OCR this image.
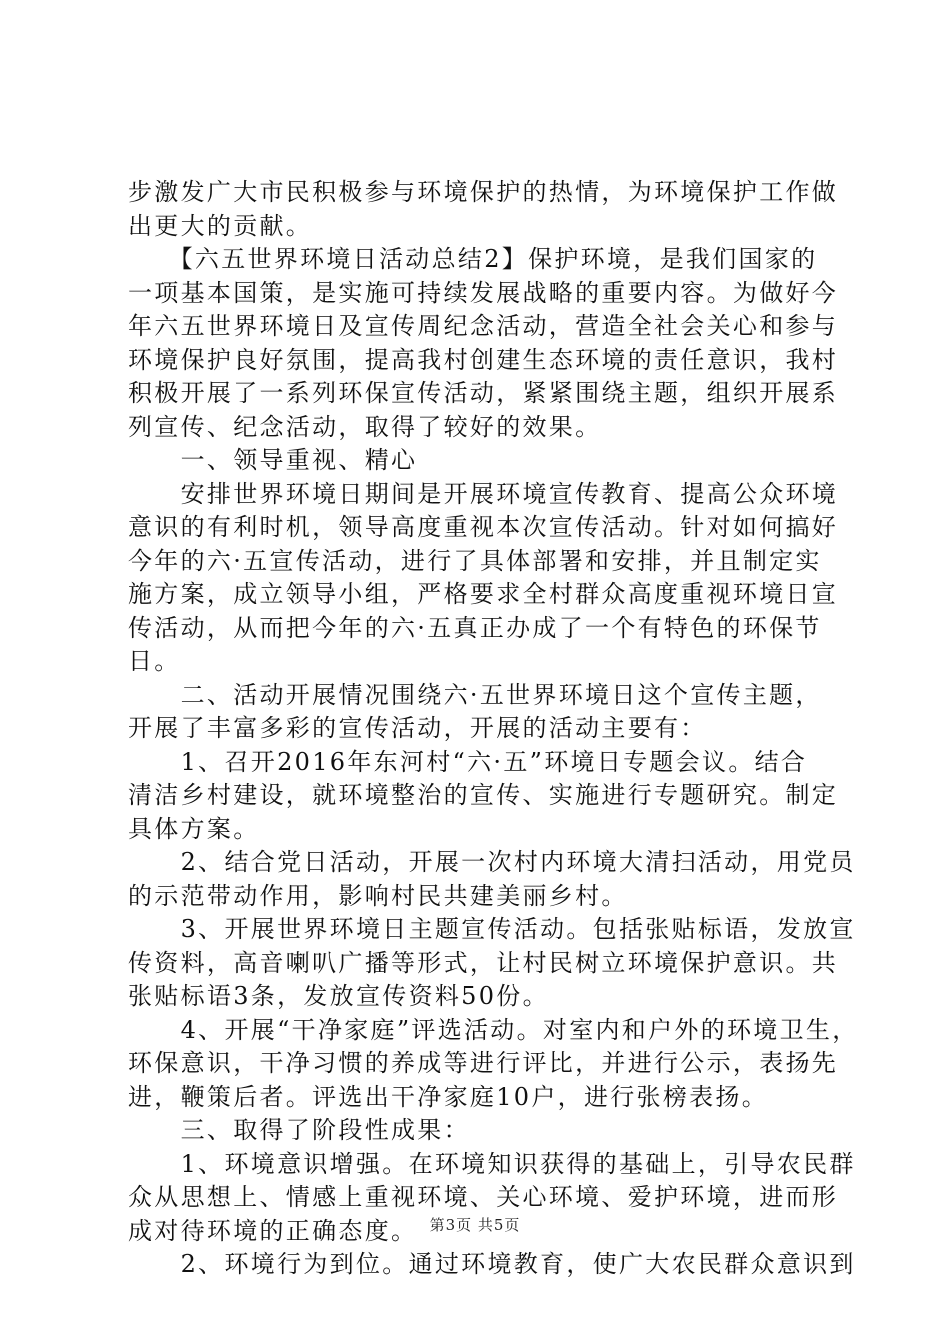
步激发广大市民积极参与环境保护的热情，为环境保护工作做
出更大的贡献。
　　【六五世界环境日活动总结2】保护环境，是我们国家的
一项基本国策，是实施可持续发展战略的重要内容。为做好今
年六五世界环境日及宣传周纪念活动，营造全社会关心和参与
环境保护良好氛围，提高我村创建生态环境的责任意识，我村
积极开展了一系列环保宣传活动，紧紧围绕主题，组织开展系
列宣传、纪念活动，取得了较好的效果。
　　一、领导重视、精心
　　安排世界环境日期间是开展环境宣传教育、提高公众环境
意识的有利时机，领导高度重视本次宣传活动。针对如何搞好
今年的六·五宣传活动，进行了具体部署和安排，并且制定实
施方案，成立领导小组，严格要求全村群众高度重视环境日宣
传活动，从而把今年的六·五真正办成了一个有特色的环保节
日。
　　二、活动开展情况围绕六·五世界环境日这个宣传主题，
开展了丰富多彩的宣传活动，开展的活动主要有：
　　1、召开2016年东河村“六·五”环境日专题会议。结合
清洁乡村建设，就环境整治的宣传、实施进行专题研究。制定
具体方案。
　　2、结合党日活动，开展一次村内环境大清扫活动，用党员
的示范带动作用，影响村民共建美丽乡村。
　　3、开展世界环境日主题宣传活动。包括张贴标语，发放宣
传资料，高音喇叭广播等形式，让村民树立环境保护意识。共
张贴标语3条，发放宣传资料50份。
　　4、开展“干净家庭”评选活动。对室内和户外的环境卫生，
环保意识，干净习惯的养成等进行评比，并进行公示，表扬先
进，鞭策后者。评选出干净家庭10户，进行张榜表扬。
　　三、取得了阶段性成果：
　　1、环境意识增强。在环境知识获得的基础上，引导农民群
众从思想上、情感上重视环境、关心环境、爱护环境，进而形
成对待环境的正确态度。
　　2、环境行为到位。通过环境教育，使广大农民群众意识到
第3页 共5页
